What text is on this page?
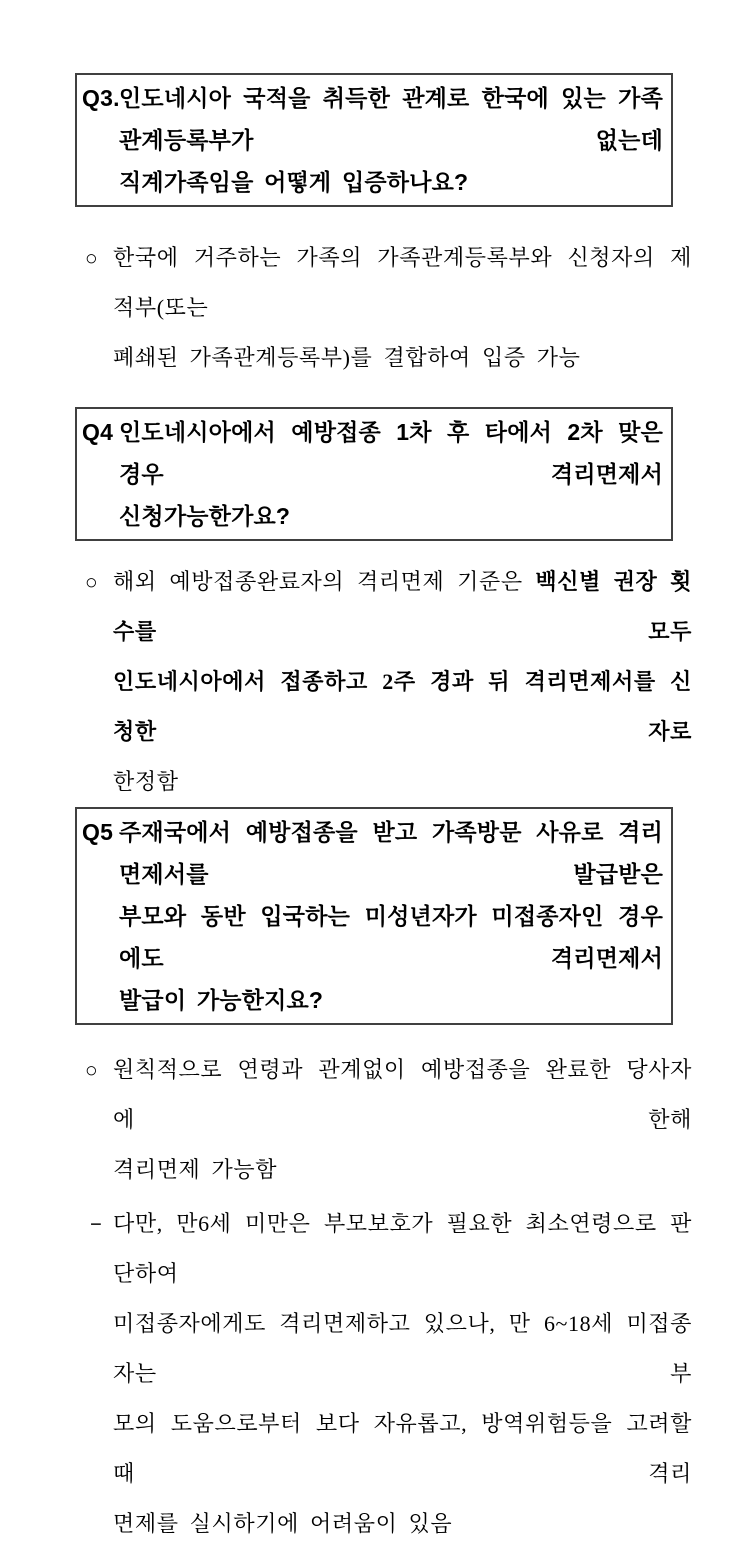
Q3. 인도네시아 국적을 취득한 관계로 한국에 있는 가족관계등록부가 없는데
직계가족임을 어떻게 입증하나요?
○ 한국에 거주하는 가족의 가족관계등록부와 신청자의 제적부(또는
폐쇄된 가족관계등록부)를 결합하여 입증 가능
Q4 인도네시아에서 예방접종 1차 후 타에서 2차 맞은 경우 격리면제서
신청가능한가요?
○ 해외 예방접종완료자의 격리면제 기준은 백신별 권장 횟수를 모두
인도네시아에서 접종하고 2주 경과 뒤 격리면제서를 신청한 자로
한정함
Q5 주재국에서 예방접종을 받고 가족방문 사유로 격리면제서를 발급받은
부모와 동반 입국하는 미성년자가 미접종자인 경우에도 격리면제서
발급이 가능한지요?
○ 원칙적으로 연령과 관계없이 예방접종을 완료한 당사자에 한해
격리면제 가능함
− 다만, 만6세 미만은 부모보호가 필요한 최소연령으로 판단하여
미접종자에게도 격리면제하고 있으나, 만 6~18세 미접종자는 부
모의 도움으로부터 보다 자유롭고, 방역위험등을 고려할 때 격리
면제를 실시하기에 어려움이 있음
